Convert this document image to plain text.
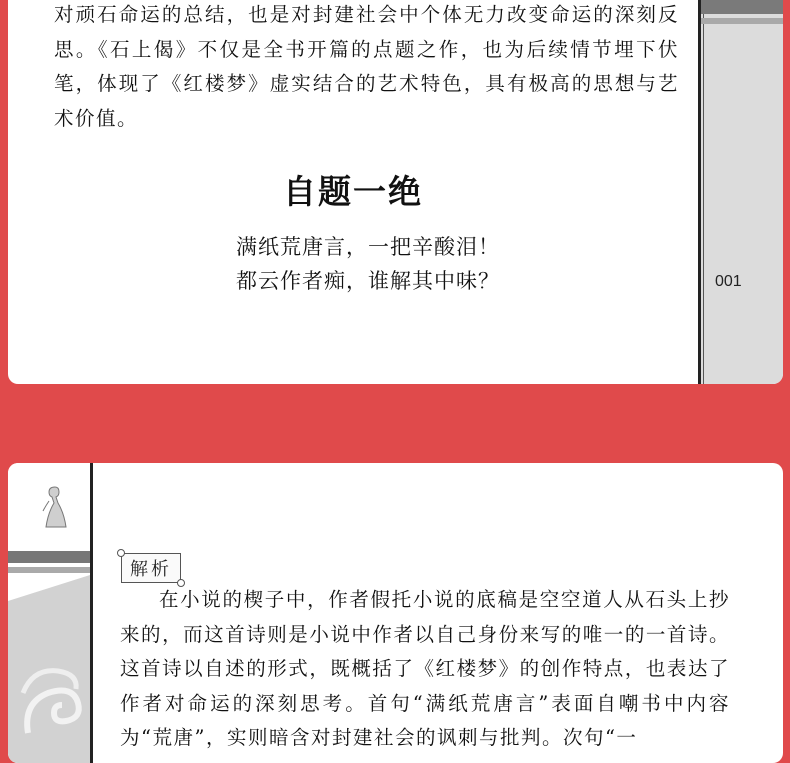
对顽石命运的总结，也是对封建社会中个体无力改变命运的深刻反思。《石上偈》不仅是全书开篇的点题之作，也为后续情节埋下伏笔，体现了《红楼梦》虚实结合的艺术特色，具有极高的思想与艺术价值。
自题一绝
满纸荒唐言，一把辛酸泪！
都云作者痴，谁解其中味？	001
解析
在小说的楔子中，作者假托小说的底稿是空空道人从石头上抄来的，而这首诗则是小说中作者以自己身份来写的唯一的一首诗。这首诗以自述的形式，既概括了《红楼梦》的创作特点，也表达了作者对命运的深刻思考。首句“满纸荒唐言”表面自嘲书中内容为“荒唐”，实则暗含对封建社会的讽刺与批判。次句“一
